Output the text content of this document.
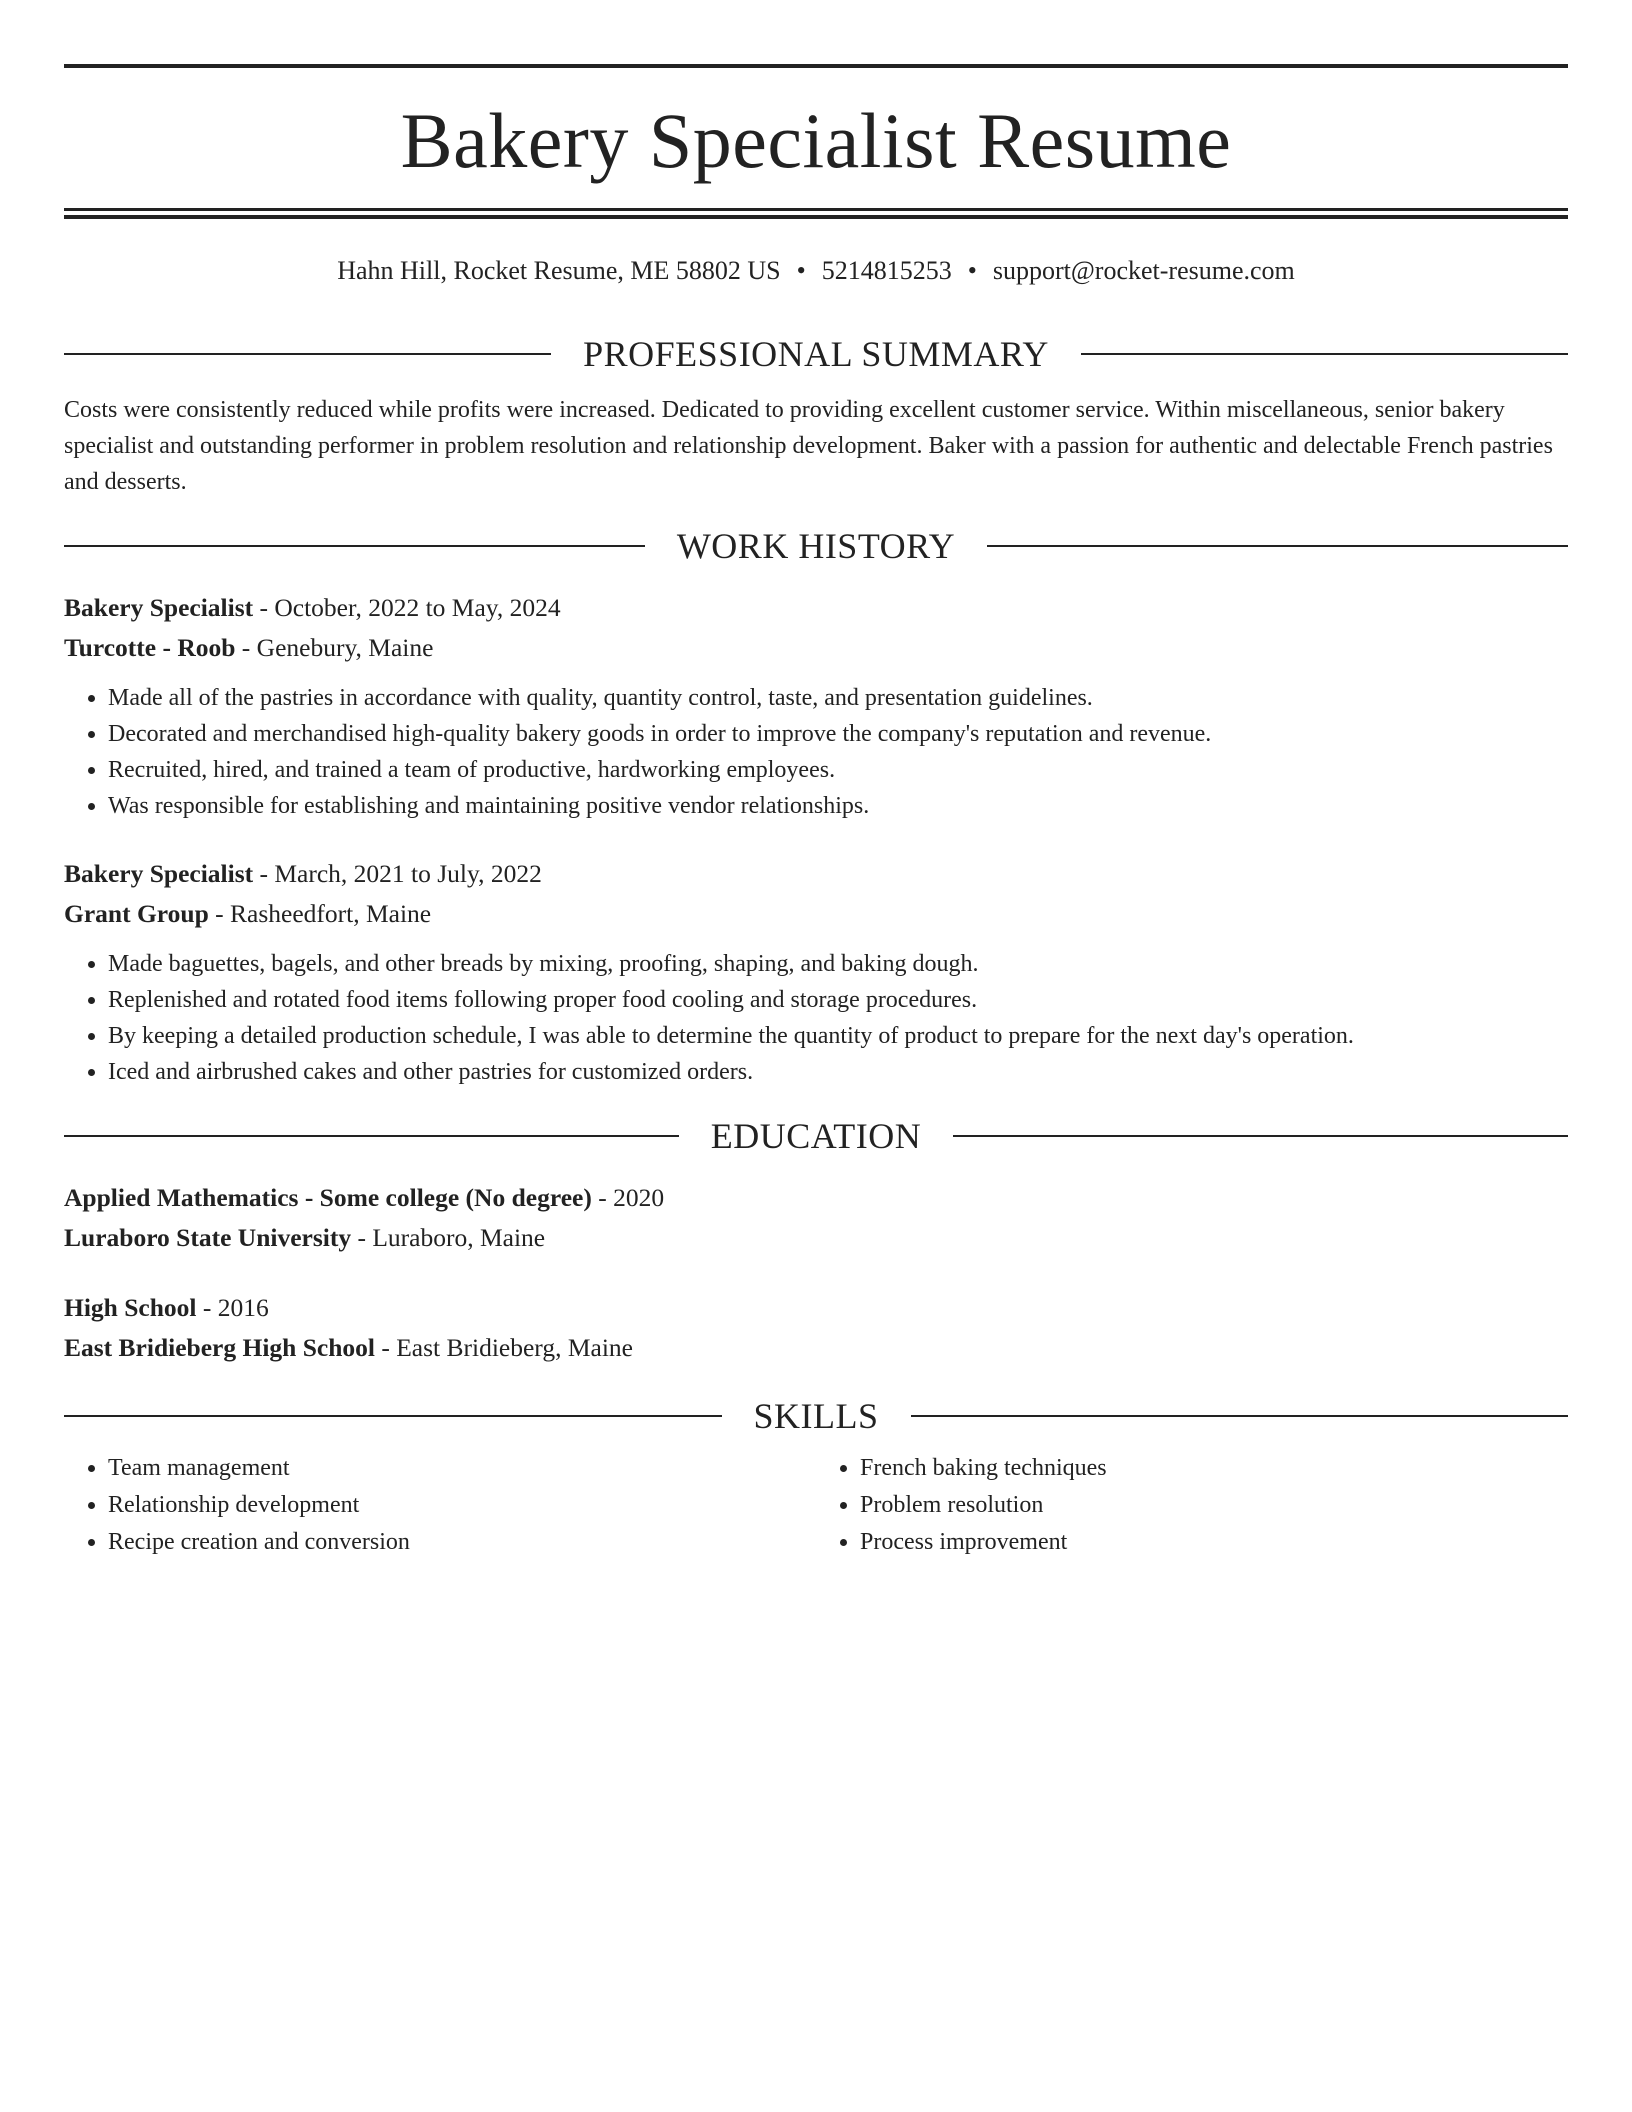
Bakery Specialist Resume
Hahn Hill, Rocket Resume, ME 58802 US • 5214815253 • support@rocket-resume.com
PROFESSIONAL SUMMARY

Costs were consistently reduced while profits were increased. Dedicated to providing excellent customer service. Within miscellaneous, senior bakery specialist and outstanding performer in problem resolution and relationship development. Baker with a passion for authentic and delectable French pastries and desserts.

WORK HISTORY
Bakery Specialist - October, 2022 to May, 2024
Turcotte - Roob - Genebury, Maine
• Made all of the pastries in accordance with quality, quantity control, taste, and presentation guidelines.
• Decorated and merchandised high-quality bakery goods in order to improve the company's reputation and revenue.
• Recruited, hired, and trained a team of productive, hardworking employees.
• Was responsible for establishing and maintaining positive vendor relationships.
Bakery Specialist - March, 2021 to July, 2022
Grant Group - Rasheedfort, Maine
• Made baguettes, bagels, and other breads by mixing, proofing, shaping, and baking dough.
• Replenished and rotated food items following proper food cooling and storage procedures.
• By keeping a detailed production schedule, I was able to determine the quantity of product to prepare for the next day's operation.
• Iced and airbrushed cakes and other pastries for customized orders.
EDUCATION
Applied Mathematics - Some college (No degree) - 2020
Luraboro State University - Luraboro, Maine
High School - 2016
East Bridieberg High School - East Bridieberg, Maine
SKILLS
• Team management
• Relationship development
• Recipe creation and conversion
• French baking techniques
• Problem resolution
• Process improvement
